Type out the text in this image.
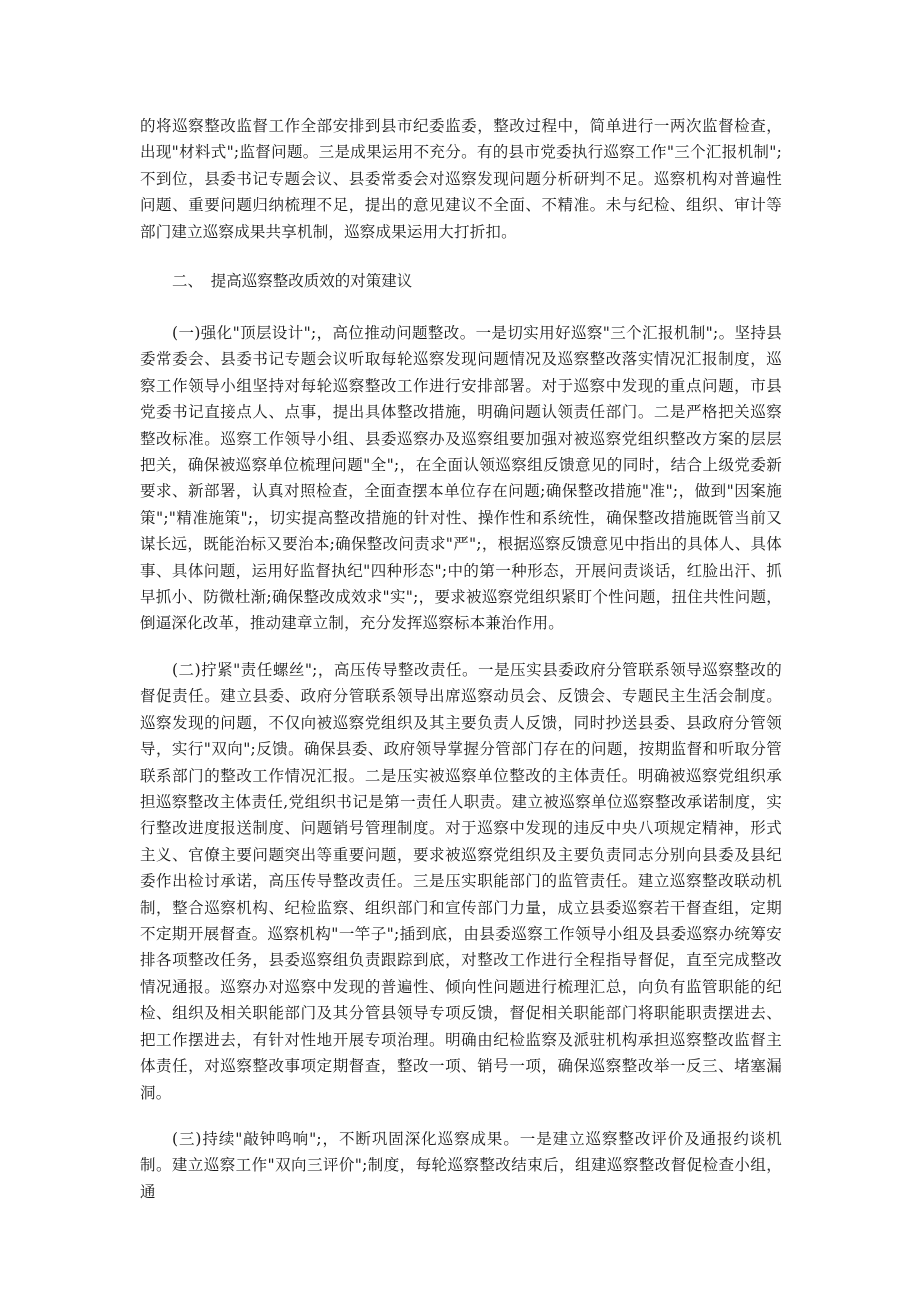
的将巡察整改监督工作全部安排到县市纪委监委，整改过程中，简单进行一两次监督检查，出现"材料式";监督问题。三是成果运用不充分。有的县市党委执行巡察工作"三个汇报机制";不到位，县委书记专题会议、县委常委会对巡察发现问题分析研判不足。巡察机构对普遍性问题、重要问题归纳梳理不足，提出的意见建议不全面、不精准。未与纪检、组织、审计等部门建立巡察成果共享机制，巡察成果运用大打折扣。

二、　提高巡察整改质效的对策建议

(一)强化"顶层设计";，高位推动问题整改。一是切实用好巡察"三个汇报机制";。坚持县委常委会、县委书记专题会议听取每轮巡察发现问题情况及巡察整改落实情况汇报制度，巡察工作领导小组坚持对每轮巡察整改工作进行安排部署。对于巡察中发现的重点问题，市县党委书记直接点人、点事，提出具体整改措施，明确问题认领责任部门。二是严格把关巡察整改标准。巡察工作领导小组、县委巡察办及巡察组要加强对被巡察党组织整改方案的层层把关，确保被巡察单位梳理问题"全";，在全面认领巡察组反馈意见的同时，结合上级党委新要求、新部署，认真对照检查，全面查摆本单位存在问题;确保整改措施"准";，做到"因案施策";"精准施策";，切实提高整改措施的针对性、操作性和系统性，确保整改措施既管当前又谋长远，既能治标又要治本;确保整改问责求"严";，根据巡察反馈意见中指出的具体人、具体事、具体问题，运用好监督执纪"四种形态";中的第一种形态，开展问责谈话，红脸出汗、抓早抓小、防微杜渐;确保整改成效求"实";，要求被巡察党组织紧盯个性问题，扭住共性问题，倒逼深化改革，推动建章立制，充分发挥巡察标本兼治作用。

(二)拧紧"责任螺丝";，高压传导整改责任。一是压实县委政府分管联系领导巡察整改的督促责任。建立县委、政府分管联系领导出席巡察动员会、反馈会、专题民主生活会制度。巡察发现的问题，不仅向被巡察党组织及其主要负责人反馈，同时抄送县委、县政府分管领导，实行"双向";反馈。确保县委、政府领导掌握分管部门存在的问题，按期监督和听取分管联系部门的整改工作情况汇报。二是压实被巡察单位整改的主体责任。明确被巡察党组织承担巡察整改主体责任,党组织书记是第一责任人职责。建立被巡察单位巡察整改承诺制度，实行整改进度报送制度、问题销号管理制度。对于巡察中发现的违反中央八项规定精神，形式主义、官僚主要问题突出等重要问题，要求被巡察党组织及主要负责同志分别向县委及县纪委作出检讨承诺，高压传导整改责任。三是压实职能部门的监管责任。建立巡察整改联动机制，整合巡察机构、纪检监察、组织部门和宣传部门力量，成立县委巡察若干督查组，定期不定期开展督查。巡察机构"一竿子";插到底，由县委巡察工作领导小组及县委巡察办统筹安排各项整改任务，县委巡察组负责跟踪到底，对整改工作进行全程指导督促，直至完成整改情况通报。巡察办对巡察中发现的普遍性、倾向性问题进行梳理汇总，向负有监管职能的纪检、组织及相关职能部门及其分管县领导专项反馈，督促相关职能部门将职能职责摆进去、把工作摆进去，有针对性地开展专项治理。明确由纪检监察及派驻机构承担巡察整改监督主体责任，对巡察整改事项定期督查，整改一项、销号一项，确保巡察整改举一反三、堵塞漏洞。

(三)持续"敲钟鸣响";，不断巩固深化巡察成果。一是建立巡察整改评价及通报约谈机制。建立巡察工作"双向三评价";制度，每轮巡察整改结束后，组建巡察整改督促检查小组，通
